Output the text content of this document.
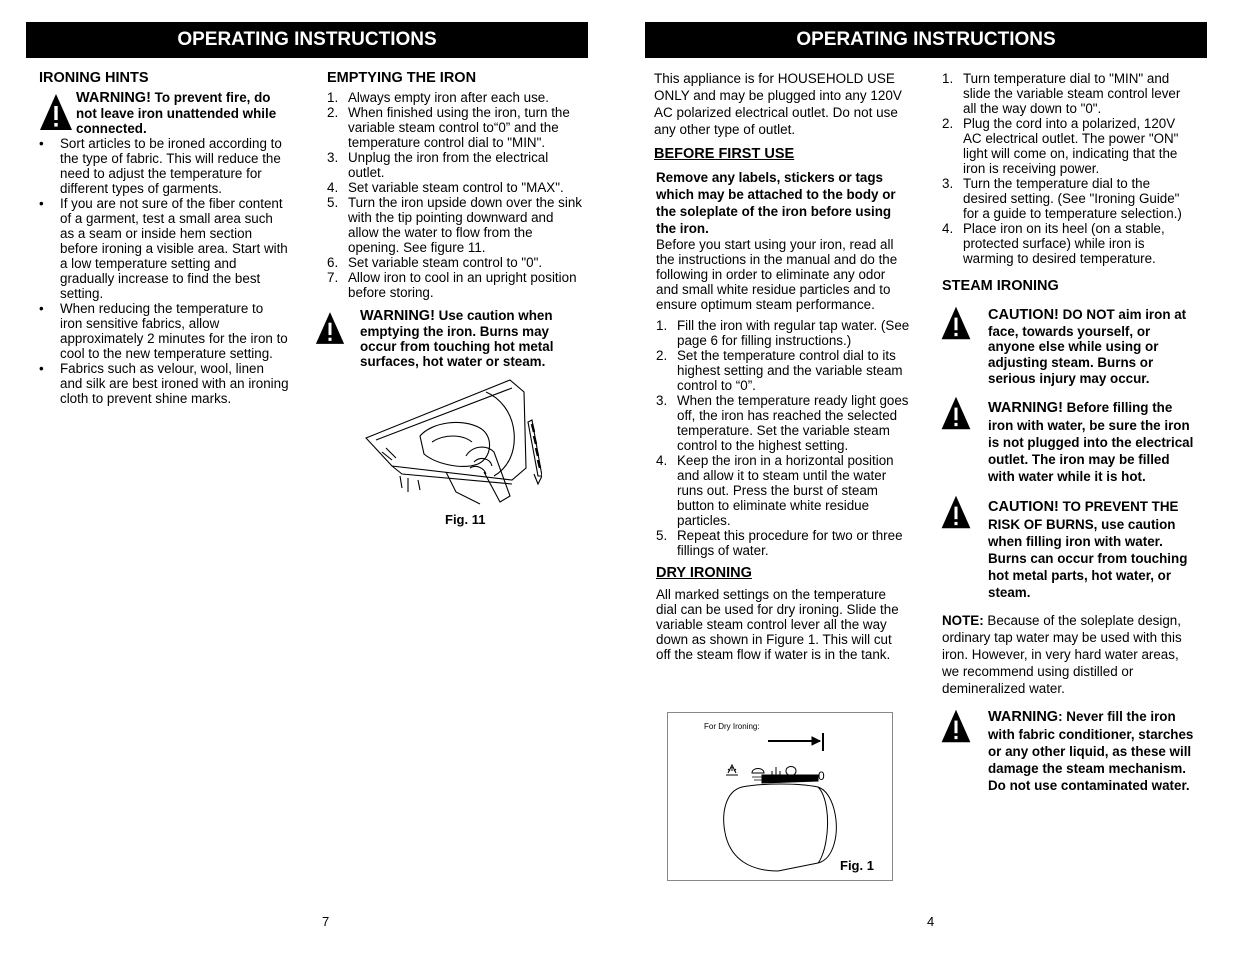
OPERATING INSTRUCTIONS
IRONING HINTS
WARNING! To prevent fire, do not leave iron unattended while connected.
• Sort articles to be ironed according to the type of fabric. This will reduce the need to adjust the temperature for different types of garments.
• If you are not sure of the fiber content of a garment, test a small area such as a seam or inside hem section before ironing a visible area. Start with a low temperature setting and gradually increase to find the best setting.
• When reducing the temperature to iron sensitive fabrics, allow approximately 2 minutes for the iron to cool to the new temperature setting.
• Fabrics such as velour, wool, linen and silk are best ironed with an ironing cloth to prevent shine marks.
EMPTYING THE IRON
1. Always empty iron after each use.
2. When finished using the iron, turn the variable steam control to“0” and the temperature control dial to "MIN".
3. Unplug the iron from the electrical outlet.
4. Set variable steam control to "MAX".
5. Turn the iron upside down over the sink with the tip pointing downward and allow the water to flow from the opening. See figure 11.
6. Set variable steam control to "0".
7. Allow iron to cool in an upright position before storing.
WARNING! Use caution when emptying the iron. Burns may occur from touching hot metal surfaces, hot water or steam.
Fig. 11
7
OPERATING INSTRUCTIONS

This appliance is for HOUSEHOLD USE ONLY and may be plugged into any 120V AC polarized electrical outlet. Do not use any other type of outlet.

BEFORE FIRST USE

Remove any labels, stickers or tags which may be attached to the body or the soleplate of the iron before using the iron.

Before you start using your iron, read all the instructions in the manual and do the following in order to eliminate any odor and small white residue particles and to ensure optimum steam performance.

1. Fill the iron with regular tap water. (See page 6 for filling instructions.)
2. Set the temperature control dial to its highest setting and the variable steam control to “0”.
3. When the temperature ready light goes off, the iron has reached the selected temperature. Set the variable steam control to the highest setting.
4. Keep the iron in a horizontal position and allow it to steam until the water runs out. Press the burst of steam button to eliminate white residue particles.
5. Repeat this procedure for two or three fillings of water.
DRY IRONING

All marked settings on the temperature dial can be used for dry ironing. Slide the variable steam control lever all the way down as shown in Figure 1. This will cut off the steam flow if water is in the tank.

For Dry Ironing:
0
Fig. 1
1. Turn temperature dial to "MIN" and slide the variable steam control lever all the way down to "0".
2. Plug the cord into a polarized, 120V AC electrical outlet. The power "ON" light will come on, indicating that the iron is receiving power.
3. Turn the temperature dial to the desired setting. (See "Ironing Guide" for a guide to temperature selection.)
4. Place iron on its heel (on a stable, protected surface) while iron is warming to desired temperature.
STEAM IRONING
CAUTION! DO NOT aim iron at face, towards yourself, or anyone else while using or adjusting steam. Burns or serious injury may occur.
WARNING! Before filling the iron with water, be sure the iron is not plugged into the electrical outlet. The iron may be filled with water while it is hot.
CAUTION! TO PREVENT THE RISK OF BURNS, use caution when filling iron with water. Burns can occur from touching hot metal parts, hot water, or steam.

NOTE: Because of the soleplate design, ordinary tap water may be used with this iron. However, in very hard water areas, we recommend using distilled or demineralized water.

WARNING: Never fill the iron with fabric conditioner, starches or any other liquid, as these will damage the steam mechanism. Do not use contaminated water.
4
